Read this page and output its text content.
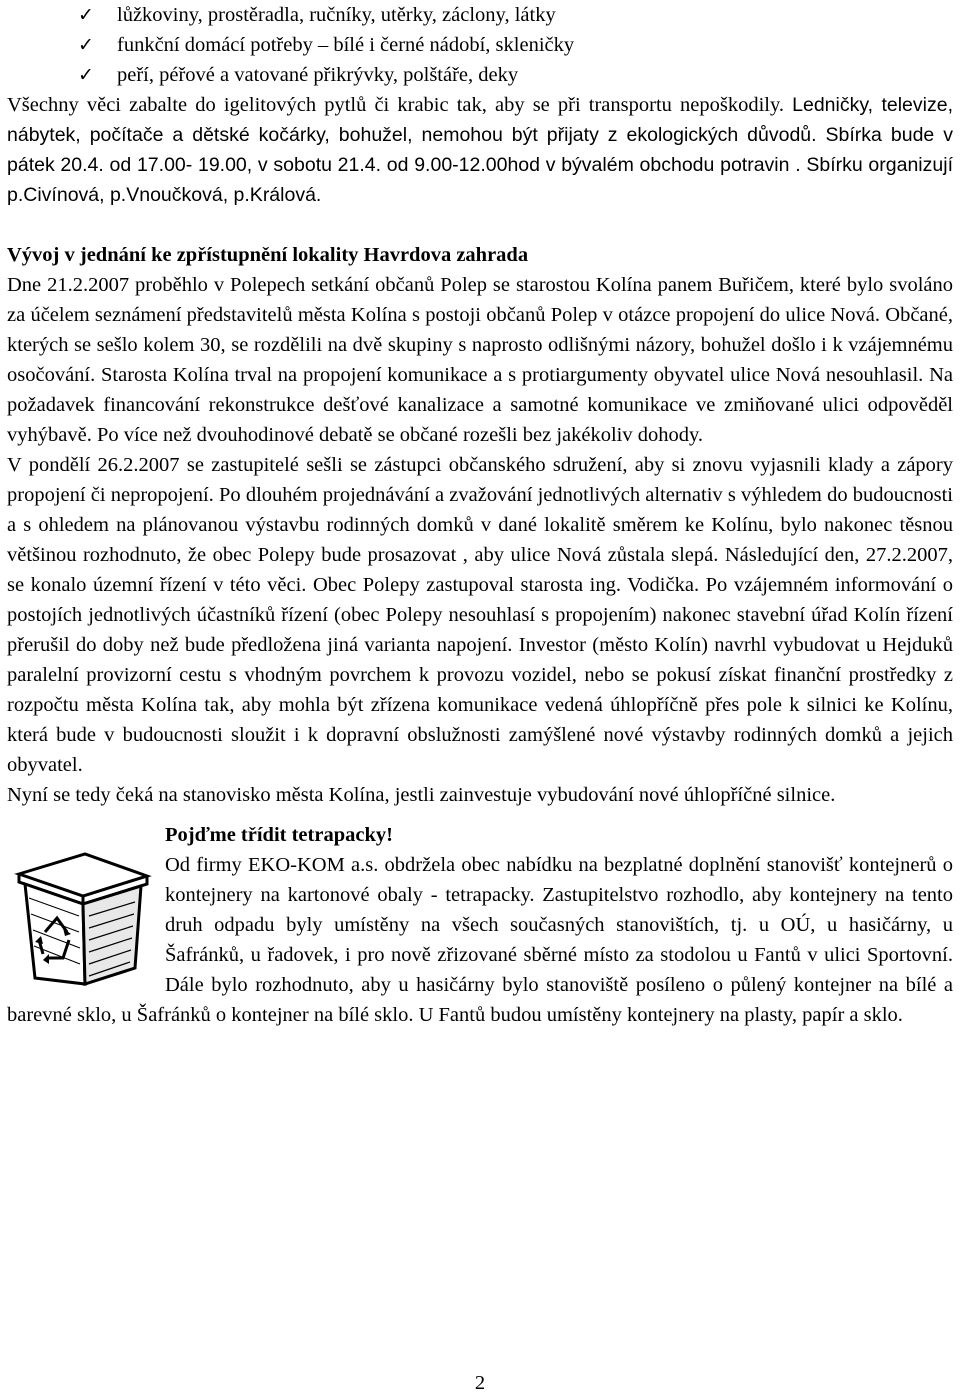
✓ lůžkoviny, prostěradla, ručníky, utěrky, záclony, látky
✓ funkční domácí potřeby – bílé i černé nádobí, skleničky
✓ peří, péřové a vatované přikrývky, polštáře, deky

Všechny věci zabalte do igelitových pytlů či krabic tak, aby se při transportu nepoškodily. Ledničky, televize, nábytek, počítače a dětské kočárky, bohužel, nemohou být přijaty z ekologických důvodů. Sbírka bude v pátek 20.4. od 17.00- 19.00, v sobotu 21.4. od 9.00-12.00hod v bývalém obchodu potravin . Sbírku organizují p.Civínová, p.Vnoučková, p.Králová.

Vývoj v jednání ke zpřístupnění lokality Havrdova zahrada

Dne 21.2.2007 proběhlo v Polepech setkání občanů Polep se starostou Kolína panem Buřičem, které bylo svoláno za účelem seznámení představitelů města Kolína s postoji občanů Polep v otázce propojení do ulice Nová. Občané, kterých se sešlo kolem 30, se rozdělili na dvě skupiny s naprosto odlišnými názory, bohužel došlo i k vzájemnému osočování. Starosta Kolína trval na propojení komunikace a s protiargumenty obyvatel ulice Nová nesouhlasil. Na požadavek financování rekonstrukce dešťové kanalizace a samotné komunikace ve zmiňované ulici odpověděl vyhýbavě. Po více než dvouhodinové debatě se občané rozešli bez jakékoliv dohody.

V pondělí 26.2.2007 se zastupitelé sešli se zástupci občanského sdružení, aby si znovu vyjasnili klady a zápory propojení či nepropojení. Po dlouhém projednávání a zvažování jednotlivých alternativ s výhledem do budoucnosti a s ohledem na plánovanou výstavbu rodinných domků v dané lokalitě směrem ke Kolínu, bylo nakonec těsnou většinou rozhodnuto, že obec Polepy bude prosazovat , aby ulice Nová zůstala slepá. Následující den, 27.2.2007, se konalo územní řízení v této věci. Obec Polepy zastupoval starosta ing. Vodička. Po vzájemném informování o postojích jednotlivých účastníků řízení (obec Polepy nesouhlasí s propojením) nakonec stavební úřad Kolín řízení přerušil do doby než bude předložena jiná varianta napojení. Investor (město Kolín) navrhl vybudovat u Hejduků paralelní provizorní cestu s vhodným povrchem k provozu vozidel, nebo se pokusí získat finanční prostředky z rozpočtu města Kolína tak, aby mohla být zřízena komunikace vedená úhlopříčně přes pole k silnici ke Kolínu, která bude v budoucnosti sloužit i k dopravní obslužnosti zamýšlené nové výstavby rodinných domků a jejich obyvatel.

Nyní se tedy čeká na stanovisko města Kolína, jestli zainvestuje vybudování nové úhlopříčné silnice.

Pojďme třídit tetrapacky!

Od firmy EKO-KOM a.s. obdržela obec nabídku na bezplatné doplnění stanovišť kontejnerů o kontejnery na kartonové obaly - tetrapacky. Zastupitelstvo rozhodlo, aby kontejnery na tento druh odpadu byly umístěny na všech současných stanovištích, tj. u OÚ, u hasičárny, u Šafránků, u řadovek, i pro nově zřizované sběrné místo za stodolou u Fantů v ulici Sportovní. Dále bylo rozhodnuto, aby u hasičárny bylo stanoviště posíleno o půlený kontejner na bílé a barevné sklo, u Šafránků o kontejner na bílé sklo. U Fantů budou umístěny kontejnery na plasty, papír a sklo.

2
